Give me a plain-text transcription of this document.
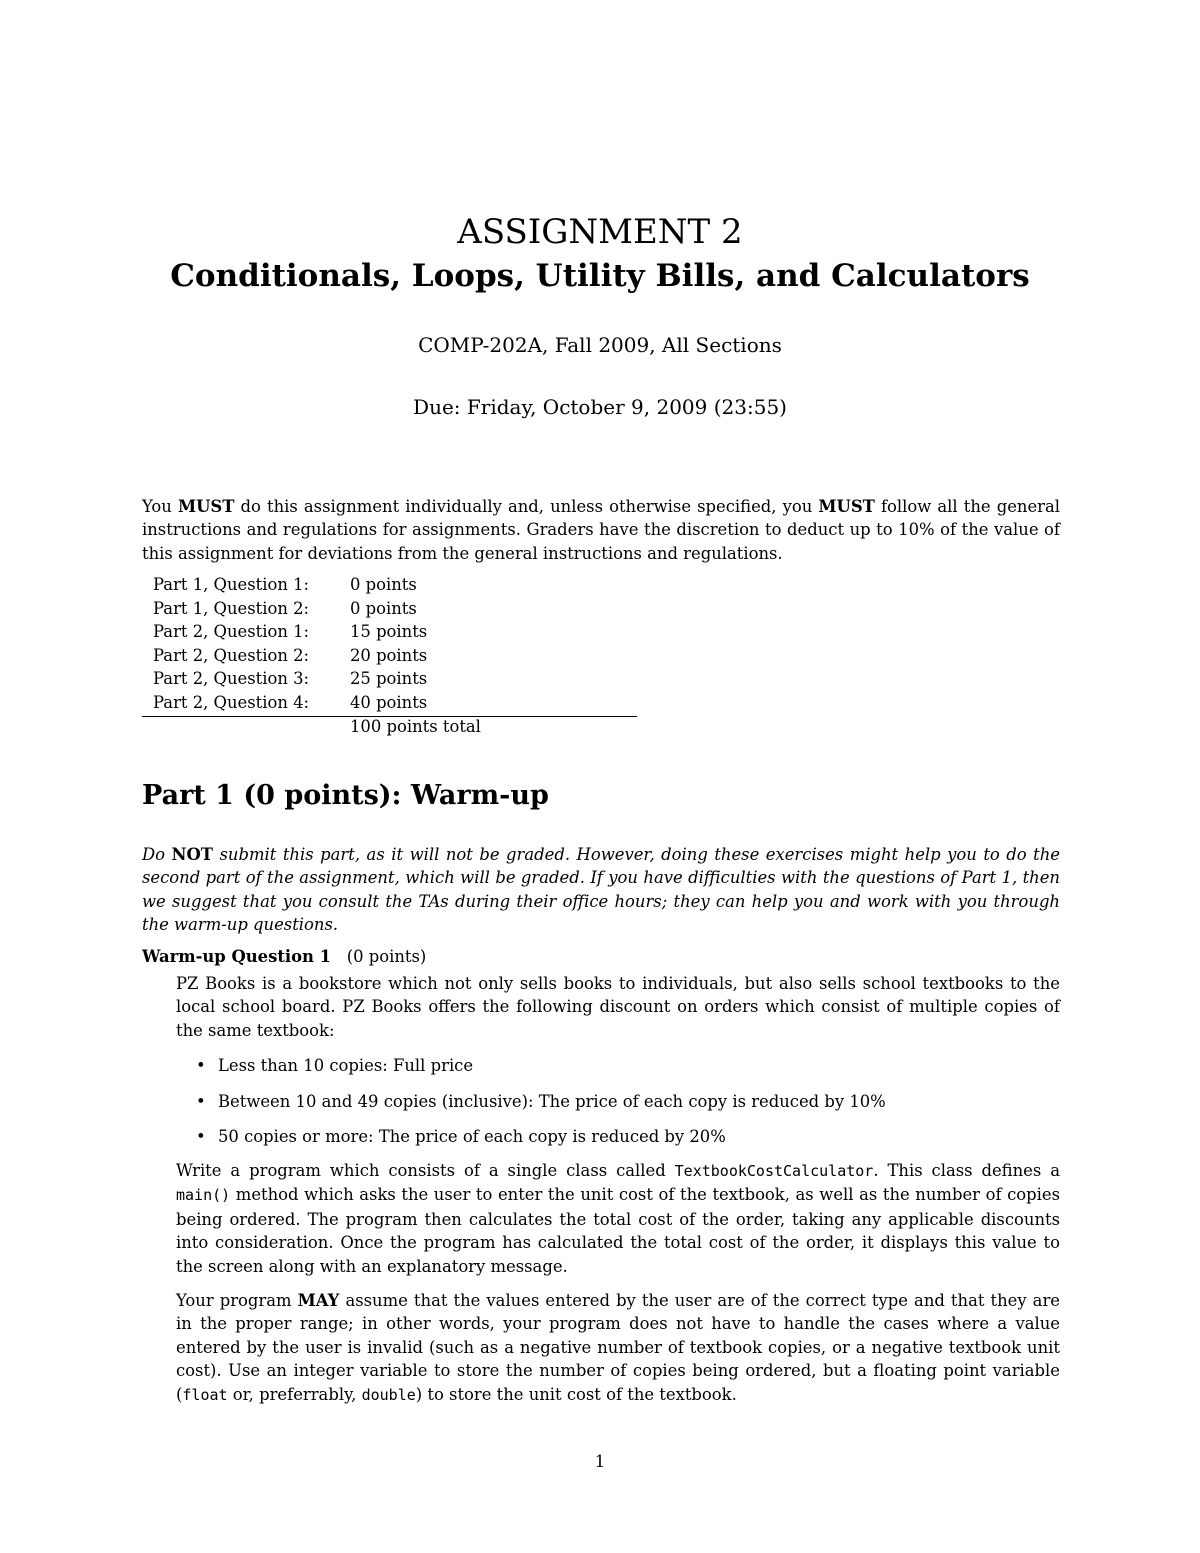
ASSIGNMENT 2
Conditionals, Loops, Utility Bills, and Calculators
COMP-202A, Fall 2009, All Sections
Due: Friday, October 9, 2009 (23:55)
You MUST do this assignment individually and, unless otherwise specified, you MUST follow all the general instructions and regulations for assignments. Graders have the discretion to deduct up to 10% of the value of this assignment for deviations from the general instructions and regulations.
Part 1, Question 1:	0 points
Part 1, Question 2:	0 points
Part 2, Question 1:	15 points
Part 2, Question 2:	20 points
Part 2, Question 3:	25 points
Part 2, Question 4:	40 points
100 points total
Part 1 (0 points): Warm-up
Do NOT submit this part, as it will not be graded. However, doing these exercises might help you to do the second part of the assignment, which will be graded. If you have difficulties with the questions of Part 1, then we suggest that you consult the TAs during their office hours; they can help you and work with you through the warm-up questions.
Warm-up Question 1 (0 points)
PZ Books is a bookstore which not only sells books to individuals, but also sells school textbooks to the local school board. PZ Books offers the following discount on orders which consist of multiple copies of the same textbook:
• Less than 10 copies: Full price
• Between 10 and 49 copies (inclusive): The price of each copy is reduced by 10%
• 50 copies or more: The price of each copy is reduced by 20%
Write a program which consists of a single class called TextbookCostCalculator. This class defines a main() method which asks the user to enter the unit cost of the textbook, as well as the number of copies being ordered. The program then calculates the total cost of the order, taking any applicable discounts into consideration. Once the program has calculated the total cost of the order, it displays this value to the screen along with an explanatory message.
Your program MAY assume that the values entered by the user are of the correct type and that they are in the proper range; in other words, your program does not have to handle the cases where a value entered by the user is invalid (such as a negative number of textbook copies, or a negative textbook unit cost). Use an integer variable to store the number of copies being ordered, but a floating point variable (float or, preferrably, double) to store the unit cost of the textbook.
1
